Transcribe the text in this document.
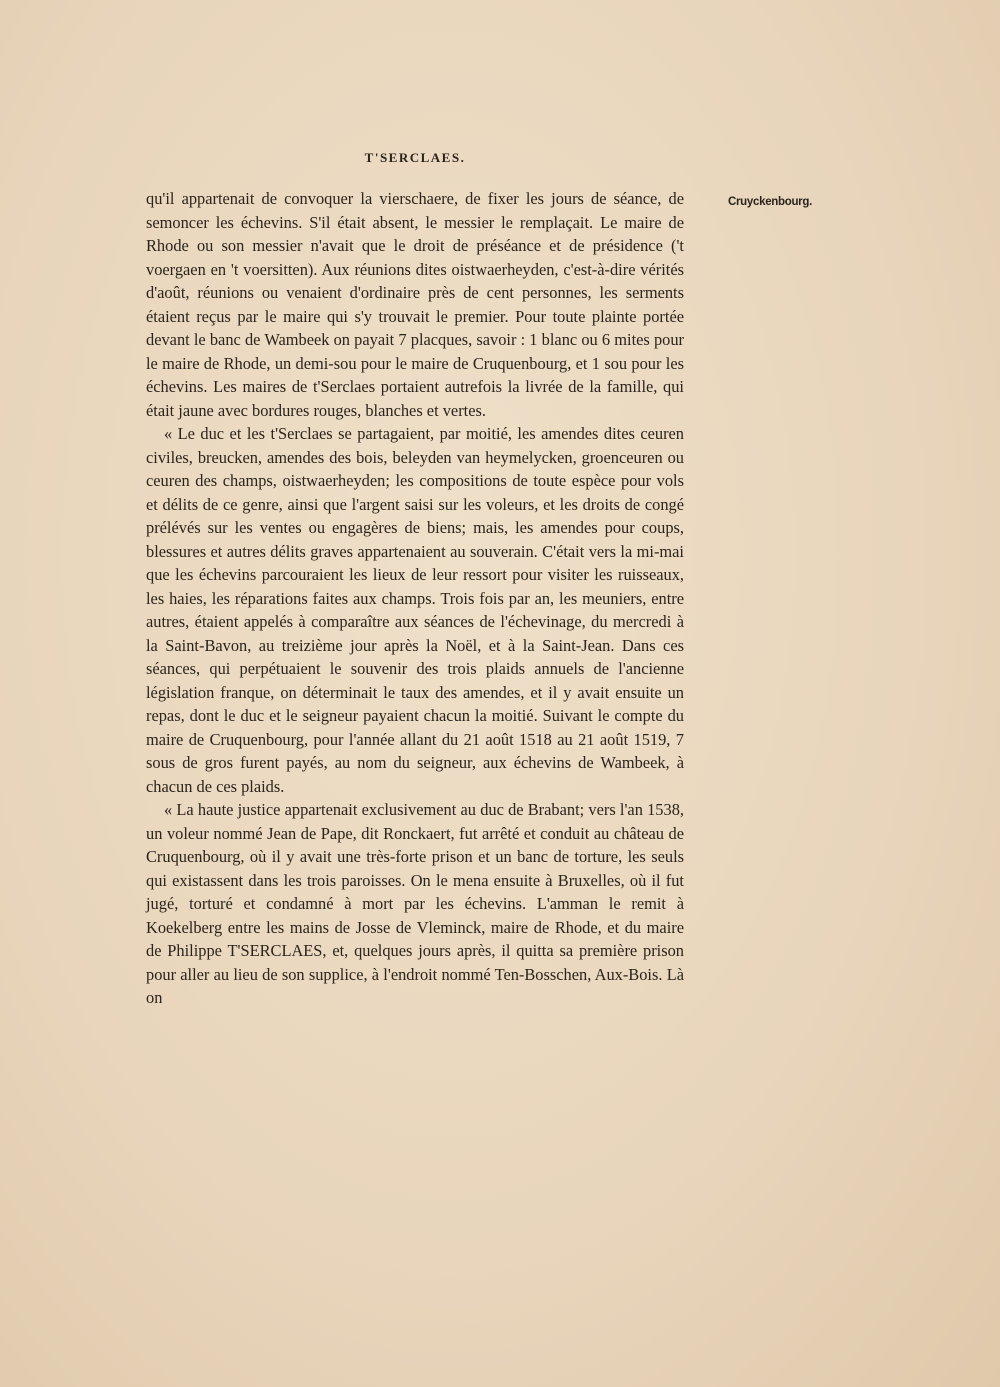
T'SERCLAES.
Cruyckenbourg.

qu'il appartenait de convoquer la vierschaere, de fixer les jours de séance, de semoncer les échevins. S'il était absent, le messier le remplaçait. Le maire de Rhode ou son messier n'avait que le droit de préséance et de présidence ('t voergaen en 't voersitten). Aux réunions dites oistwaerheyden, c'est-à-dire vérités d'août, réunions ou venaient d'ordinaire près de cent personnes, les serments étaient reçus par le maire qui s'y trouvait le premier. Pour toute plainte portée devant le banc de Wambeek on payait 7 placques, savoir : 1 blanc ou 6 mites pour le maire de Rhode, un demi-sou pour le maire de Cruquenbourg, et 1 sou pour les échevins. Les maires de t'Serclaes portaient autrefois la livrée de la famille, qui était jaune avec bordures rouges, blanches et vertes.

« Le duc et les t'Serclaes se partagaient, par moitié, les amendes dites ceuren civiles, breucken, amendes des bois, beleyden van heymelycken, groenceuren ou ceuren des champs, oistwaerheyden; les compositions de toute espèce pour vols et délits de ce genre, ainsi que l'argent saisi sur les voleurs, et les droits de congé prélévés sur les ventes ou engagères de biens; mais, les amendes pour coups, blessures et autres délits graves appartenaient au souverain. C'était vers la mi-mai que les échevins parcouraient les lieux de leur ressort pour visiter les ruisseaux, les haies, les réparations faites aux champs. Trois fois par an, les meuniers, entre autres, étaient appelés à comparaître aux séances de l'échevinage, du mercredi à la Saint-Bavon, au treizième jour après la Noël, et à la Saint-Jean. Dans ces séances, qui perpétuaient le souvenir des trois plaids annuels de l'ancienne législation franque, on déterminait le taux des amendes, et il y avait ensuite un repas, dont le duc et le seigneur payaient chacun la moitié. Suivant le compte du maire de Cruquenbourg, pour l'année allant du 21 août 1518 au 21 août 1519, 7 sous de gros furent payés, au nom du seigneur, aux échevins de Wambeek, à chacun de ces plaids.

« La haute justice appartenait exclusivement au duc de Brabant; vers l'an 1538, un voleur nommé Jean de Pape, dit Ronckaert, fut arrêté et conduit au château de Cruquenbourg, où il y avait une très-forte prison et un banc de torture, les seuls qui existassent dans les trois paroisses. On le mena ensuite à Bruxelles, où il fut jugé, torturé et condamné à mort par les échevins. L'amman le remit à Koekelberg entre les mains de Josse de Vleminck, maire de Rhode, et du maire de Philippe T'SERCLAES, et, quelques jours après, il quitta sa première prison pour aller au lieu de son supplice, à l'endroit nommé Ten-Bosschen, Aux-Bois. Là on
